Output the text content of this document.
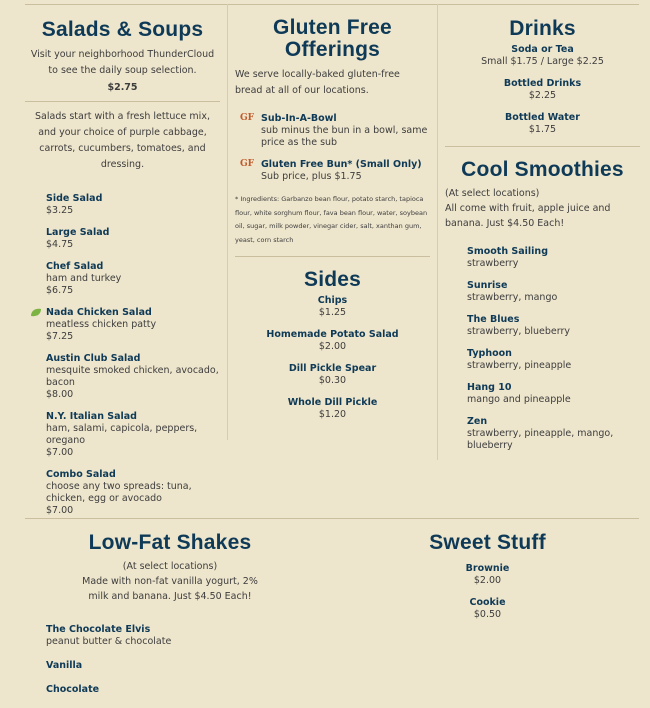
Salads & Soups
Visit your neighborhood ThunderCloud to see the daily soup selection.
$2.75
Salads start with a fresh lettuce mix, and your choice of purple cabbage, carrots, cucumbers, tomatoes, and dressing.
Side Salad
$3.25
Large Salad
$4.75
Chef Salad
ham and turkey
$6.75
Nada Chicken Salad
meatless chicken patty
$7.25
Austin Club Salad
mesquite smoked chicken, avocado, bacon
$8.00
N.Y. Italian Salad
ham, salami, capicola, peppers, oregano
$7.00
Combo Salad
choose any two spreads: tuna, chicken, egg or avocado
$7.00
Gluten Free
Offerings
We serve locally-baked gluten-free bread at all of our locations.
GF Sub-In-A-Bowl
sub minus the bun in a bowl, same price as the sub
GF Gluten Free Bun* (Small Only)
Sub price, plus $1.75
* Ingredients: Garbanzo bean flour, potato starch, tapioca flour, white sorghum flour, fava bean flour, water, soybean oil, sugar, milk powder, vinegar cider, salt, xanthan gum, yeast, corn starch
Sides
Chips
$1.25
Homemade Potato Salad
$2.00
Dill Pickle Spear
$0.30
Whole Dill Pickle
$1.20
Drinks
Soda or Tea
Small $1.75 / Large $2.25
Bottled Drinks
$2.25
Bottled Water
$1.75
Cool Smoothies
(At select locations)
All come with fruit, apple juice and banana. Just $4.50 Each!
Smooth Sailing
strawberry
Sunrise
strawberry, mango
The Blues
strawberry, blueberry
Typhoon
strawberry, pineapple
Hang 10
mango and pineapple
Zen
strawberry, pineapple, mango, blueberry
Low-Fat Shakes
(At select locations)
Made with non-fat vanilla yogurt, 2% milk and banana. Just $4.50 Each!
The Chocolate Elvis
peanut butter & chocolate
Vanilla
Chocolate
Sweet Stuff
Brownie
$2.00
Cookie
$0.50
